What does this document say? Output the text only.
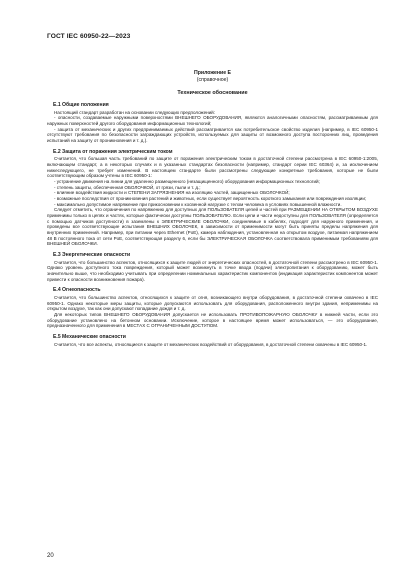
ГОСТ IEC 60950-22—2023
Приложение Е
(справочное)
Техническое обоснование
Е.1 Общие положения

Настоящий стандарт разработан на основании следующих предположений:

- опасности, создаваемые наружными поверхностями ВНЕШНЕГО ОБОРУДОВАНИЯ, являются аналогичными опасностям, рассматриваемым для наружных поверхностей другого оборудования информационных технологий;

- защита от механических и других предпринимаемых действий рассматривается как потребительское свойство изделия (например, в IEC 60950-1 отсутствуют требования по безопасности заграждающих устройств, используемых для защиты от возможного доступа посторонних лиц, проведения испытаний на защиту от проникновения и т. д.).

Е.2 Защита от поражения электрическим током

Считается, что большая часть требований по защите от поражения электрическим током в достаточной степени рассмотрена в IEC 60950-1:2005, включающем стандарт, а в некоторых случаях и в указанных стандартах безопасности (например, стандарт серии IEC 60364) и, за исключением нижеследующего, не требует изменений. В настоящем стандарте были рассмотрены следующие конкретные требования, которые не были соответствующим образом учтены в IEC 60950-1:

- устранение движения на линии для удаленно размещенного (незащищенного) оборудования информационных технологий;

- степень защиты, обеспеченная ОБОЛОЧКОЙ, от грязи, пыли и т. д.;

- влияние воздействия жидкости и СТЕПЕНИ ЗАГРЯЗНЕНИЯ на изоляцию частей, защищенных ОБОЛОЧКОЙ;

- возможные последствия от проникновения растений и животных, если существует вероятность короткого замыкания или повреждения изоляции;

- максимально допустимое напряжение при прикосновении к косвенной нагрузке с телом человека в условиях повышенной влажности.

Следует отметить, что ограничения по напряжению для доступных для ПОЛЬЗОВАТЕЛЯ цепей и частей при РАЗМЕЩЕНИИ НА ОТКРЫТОМ ВОЗДУХЕ применимы только в цепях и частях, которые фактически доступны ПОЛЬЗОВАТЕЛЮ. Если цепи и части недоступны для ПОЛЬЗОВАТЕЛЯ (определяется с помощью датчиков доступности) в заземлены к ЭЛЕКТРИЧЕСКИЕ ОБОЛОЧКИ, соединяемые в кабелях, подходят для наружного применения, и проведены все соответствующие испытания ВНЕШНИХ ОБОЛОЧЕК, в зависимости от применимости могут быть приняты пределы напряжения для внутренних применений. Например, при питании через Ethernet (PoE), камера наблюдения, установленная на открытом воздухе, питаемая напряжением 48 В постоянного тока от сети PoE, соответствующая разделу 6, если бы ЭЛЕКТРИЧЕСКАЯ ОБОЛОЧКА соответствовала применимым требованиям для ВНЕШНЕЙ ОБОЛОЧКИ.

Е.3 Энергетические опасности

Считается, что большинство аспектов, относящихся к защите людей от энергетических опасностей, в достаточной степени рассмотрено в IEC 60950-1. Однако уровень доступного тока повреждения, который может возникнуть в точке ввода (подачи) электропитания к оборудованию, может быть значительно выше, что необходимо учитывать при определении номинальных характеристик компонентов (индикация характеристик компонентов может привести к опасности возникновения пожара).

Е.4 Огнеопасность

Считается, что большинство аспектов, относящихся к защите от огня, возникающего внутри оборудования, в достаточной степени охвачено в IEC 60950-1. Однако некоторые меры защиты, которые допускаются использовать для оборудования, расположенного внутри здания, неприменимы на открытом воздухе, так как они допускают попадание дождя и т. д.

Для некоторых типов ВНЕШНЕГО ОБОРУДОВАНИЯ допускается не использовать ПРОТИВОПОЖАРНУЮ ОБОЛОЧКУ в нижней части, если это оборудование установлено на бетонном основании. Исключение, которое в настоящее время может использоваться, — это оборудование, предназначенного для применения в МЕСТАХ С ОГРАНИЧЕННЫМ ДОСТУПОМ.

Е.5 Механические опасности

Считается, что все аспекты, относящиеся к защите от механических воздействий от оборудования, в достаточной степени охвачены в IEC 60950-1.

20
